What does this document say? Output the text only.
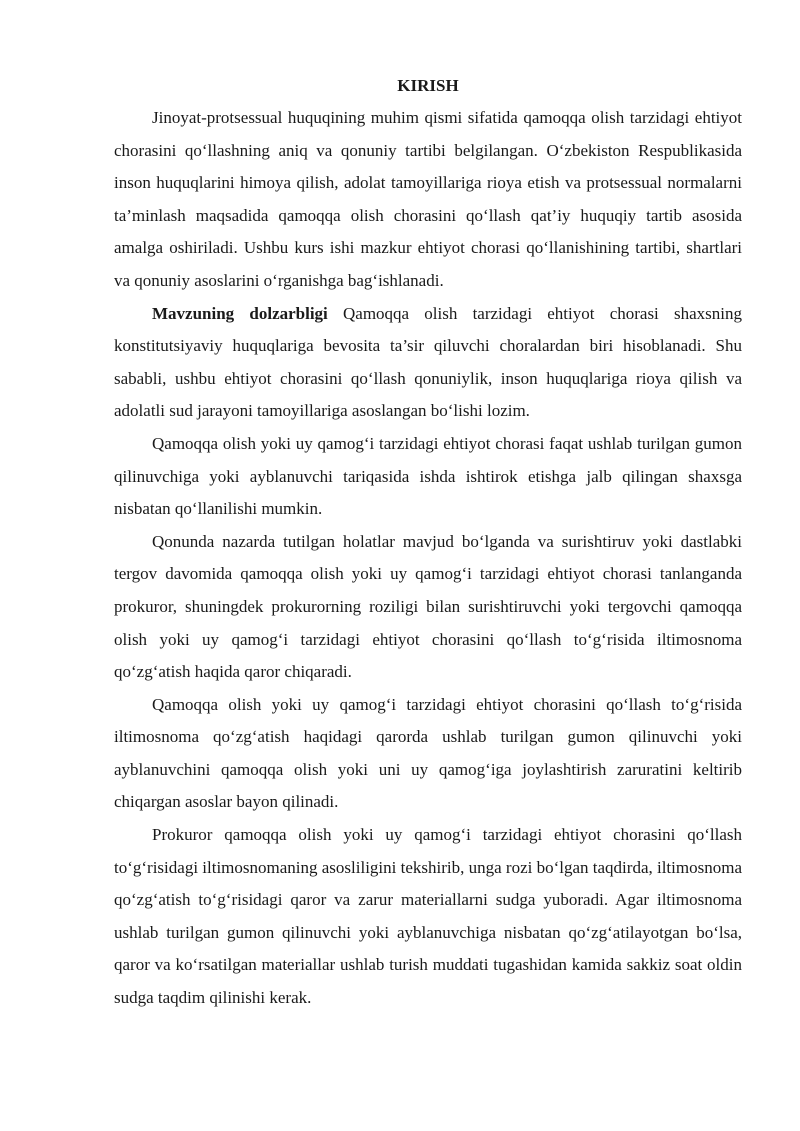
KIRISH

Jinoyat-protsessual huquqining muhim qismi sifatida qamoqqa olish tarzidagi ehtiyot chorasini qo‘llashning aniq va qonuniy tartibi belgilangan. O‘zbekiston Respublikasida inson huquqlarini himoya qilish, adolat tamoyillariga rioya etish va protsessual normalarni ta’minlash maqsadida qamoqqa olish chorasini qo‘llash qat’iy huquqiy tartib asosida amalga oshiriladi. Ushbu kurs ishi mazkur ehtiyot chorasi qo‘llanishining tartibi, shartlari va qonuniy asoslarini o‘rganishga bag‘ishlanadi.

Mavzuning dolzarbligi Qamoqqa olish tarzidagi ehtiyot chorasi shaxsning konstitutsiyaviy huquqlariga bevosita ta’sir qiluvchi choralardan biri hisoblanadi. Shu sababli, ushbu ehtiyot chorasini qo‘llash qonuniylik, inson huquqlariga rioya qilish va adolatli sud jarayoni tamoyillariga asoslangan bo‘lishi lozim.

Qamoqqa olish yoki uy qamog‘i tarzidagi ehtiyot chorasi faqat ushlab turilgan gumon qilinuvchiga yoki ayblanuvchi tariqasida ishda ishtirok etishga jalb qilingan shaxsga nisbatan qo‘llanilishi mumkin.

Qonunda nazarda tutilgan holatlar mavjud bo‘lganda va surishtiruv yoki dastlabki tergov davomida qamoqqa olish yoki uy qamog‘i tarzidagi ehtiyot chorasi tanlanganda prokuror, shuningdek prokurorning roziligi bilan surishtiruvchi yoki tergovchi qamoqqa olish yoki uy qamog‘i tarzidagi ehtiyot chorasini qo‘llash to‘g‘risida iltimosnoma qo‘zg‘atish haqida qaror chiqaradi.

Qamoqqa olish yoki uy qamog‘i tarzidagi ehtiyot chorasini qo‘llash to‘g‘risida iltimosnoma qo‘zg‘atish haqidagi qarorda ushlab turilgan gumon qilinuvchi yoki ayblanuvchini qamoqqa olish yoki uni uy qamog‘iga joylashtirish zaruratini keltirib chiqargan asoslar bayon qilinadi.

Prokuror qamoqqa olish yoki uy qamog‘i tarzidagi ehtiyot chorasini qo‘llash to‘g‘risidagi iltimosnomaning asosliligini tekshirib, unga rozi bo‘lgan taqdirda, iltimosnoma qo‘zg‘atish to‘g‘risidagi qaror va zarur materiallarni sudga yuboradi. Agar iltimosnoma ushlab turilgan gumon qilinuvchi yoki ayblanuvchiga nisbatan qo‘zg‘atilayotgan bo‘lsa, qaror va ko‘rsatilgan materiallar ushlab turish muddati tugashidan kamida sakkiz soat oldin sudga taqdim qilinishi kerak.
